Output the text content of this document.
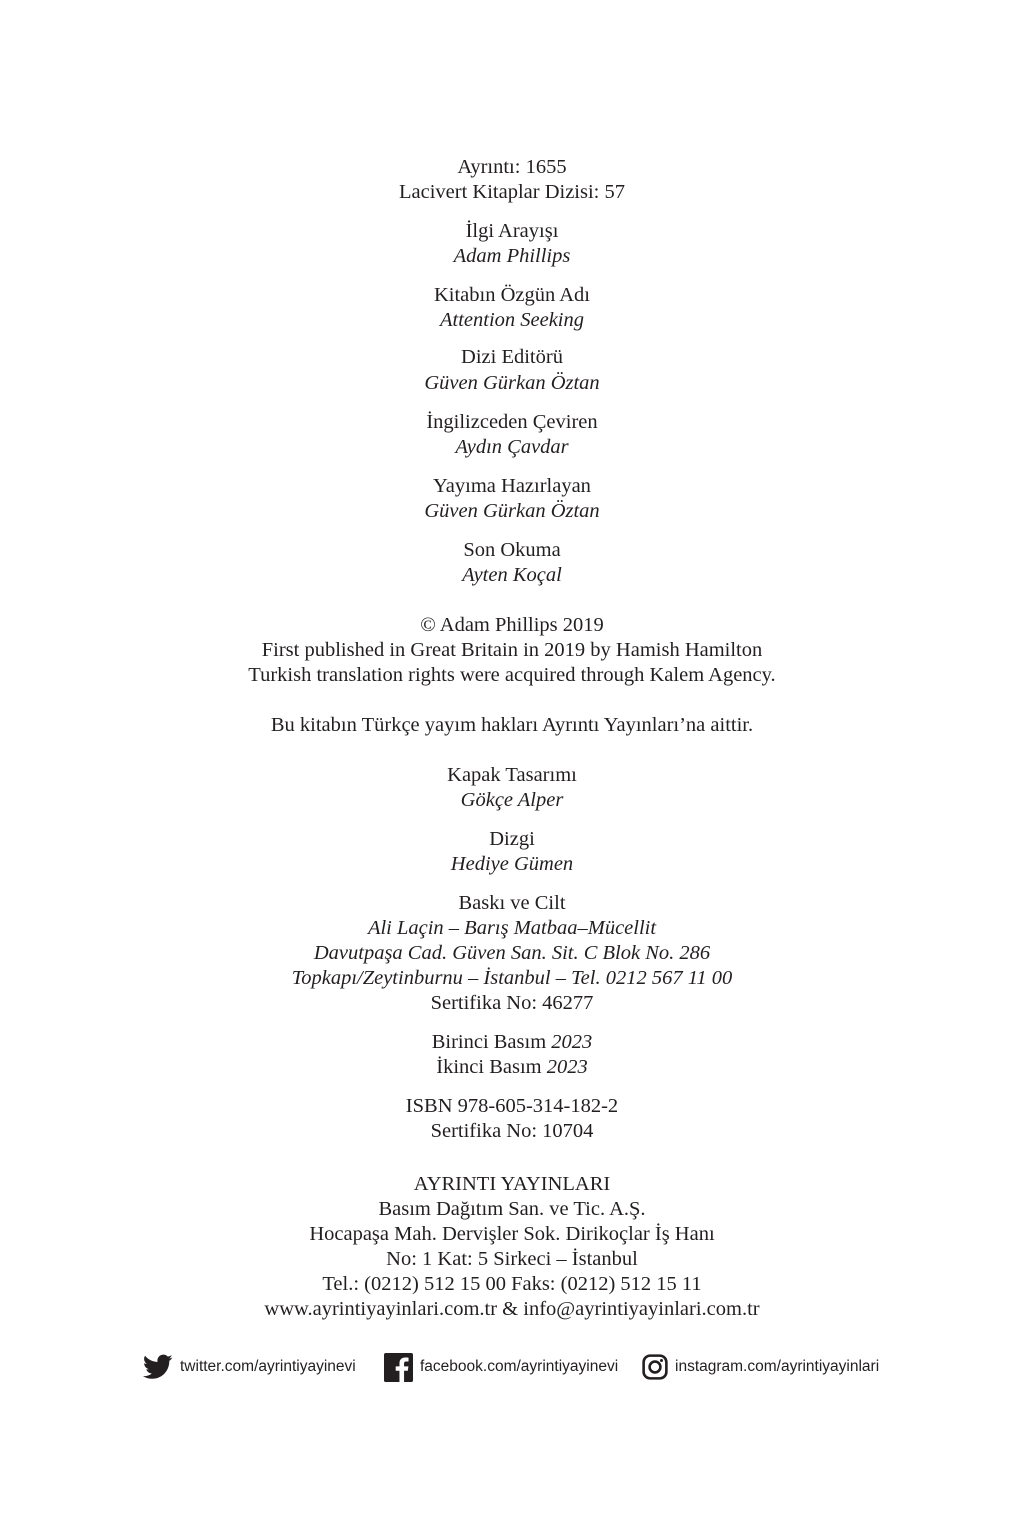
Ayrıntı: 1655
Lacivert Kitaplar Dizisi: 57
İlgi Arayışı
Adam Phillips
Kitabın Özgün Adı
Attention Seeking
Dizi Editörü
Güven Gürkan Öztan
İngilizceden Çeviren
Aydın Çavdar
Yayıma Hazırlayan
Güven Gürkan Öztan
Son Okuma
Ayten Koçal
© Adam Phillips 2019
First published in Great Britain in 2019 by Hamish Hamilton
Turkish translation rights were acquired through Kalem Agency.
Bu kitabın Türkçe yayım hakları Ayrıntı Yayınları’na aittir.
Kapak Tasarımı
Gökçe Alper
Dizgi
Hediye Gümen
Baskı ve Cilt
Ali Laçin – Barış Matbaa–Mücellit
Davutpaşa Cad. Güven San. Sit. C Blok No. 286
Topkapı/Zeytinburnu – İstanbul – Tel. 0212 567 11 00
Sertifika No: 46277
Birinci Basım 2023
İkinci Basım 2023
ISBN 978-605-314-182-2
Sertifika No: 10704
AYRINTI YAYINLARI
Basım Dağıtım San. ve Tic. A.Ş.
Hocapaşa Mah. Dervişler Sok. Dirikoçlar İş Hanı
No: 1 Kat: 5 Sirkeci – İstanbul
Tel.: (0212) 512 15 00 Faks: (0212) 512 15 11
www.ayrintiyayinlari.com.tr & info@ayrintiyayinlari.com.tr
twitter.com/ayrintiyayinevi	facebook.com/ayrintiyayinevi	instagram.com/ayrintiyayinlari
